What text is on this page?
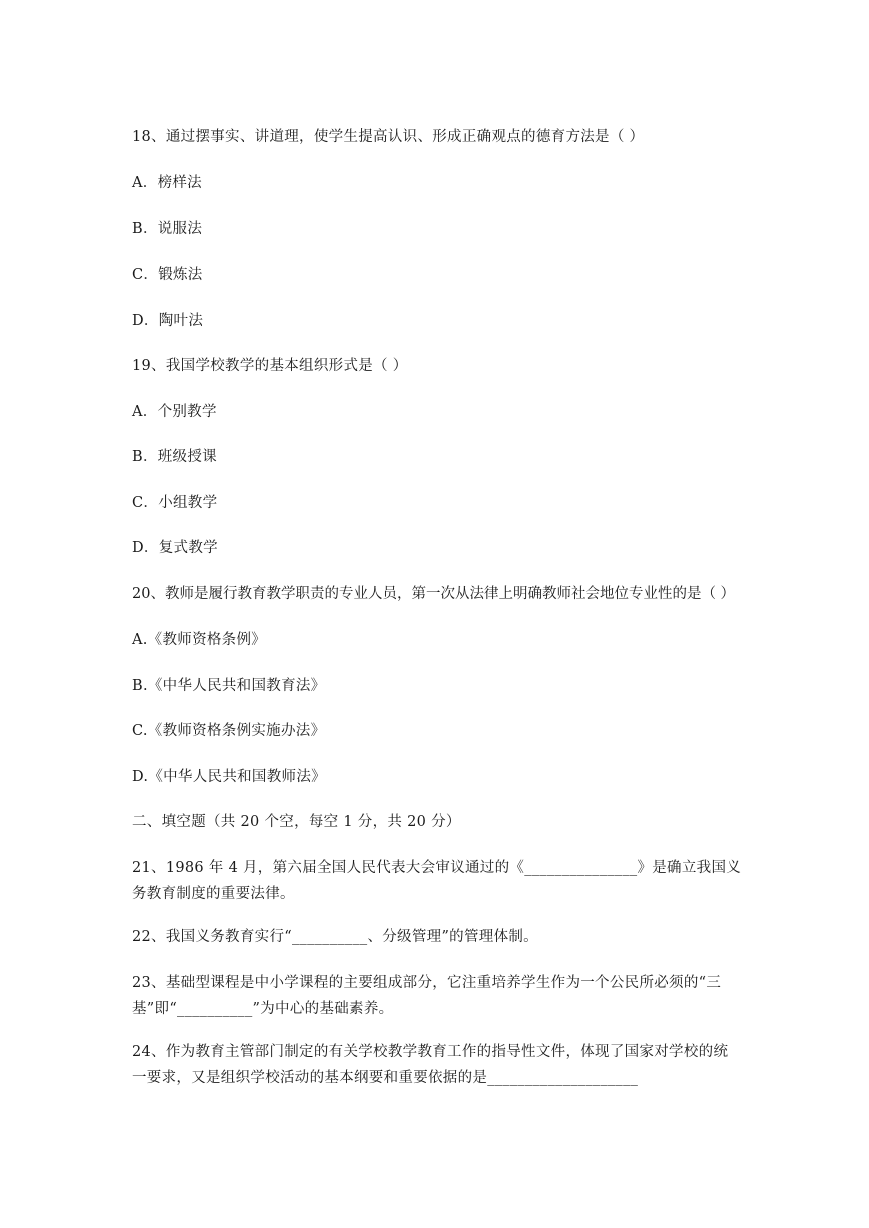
18、通过摆事实、讲道理，使学生提高认识、形成正确观点的德育方法是（ ）
A．榜样法
B．说服法
C．锻炼法
D．陶叶法
19、我国学校教学的基本组织形式是（ ）
A．个别教学
B．班级授课
C．小组教学
D．复式教学
20、教师是履行教育教学职责的专业人员，第一次从法律上明确教师社会地位专业性的是（ ）
A.《教师资格条例》
B.《中华人民共和国教育法》
C.《教师资格条例实施办法》
D.《中华人民共和国教师法》
二、填空题（共 20 个空，每空 1 分，共 20 分）
21、1986 年 4 月，第六届全国人民代表大会审议通过的《_______________》是确立我国义
务教育制度的重要法律。
22、我国义务教育实行“__________、分级管理”的管理体制。
23、基础型课程是中小学课程的主要组成部分，它注重培养学生作为一个公民所必须的“三
基”即“__________”为中心的基础素养。
24、作为教育主管部门制定的有关学校教学教育工作的指导性文件，体现了国家对学校的统
一要求，又是组织学校活动的基本纲要和重要依据的是____________________
